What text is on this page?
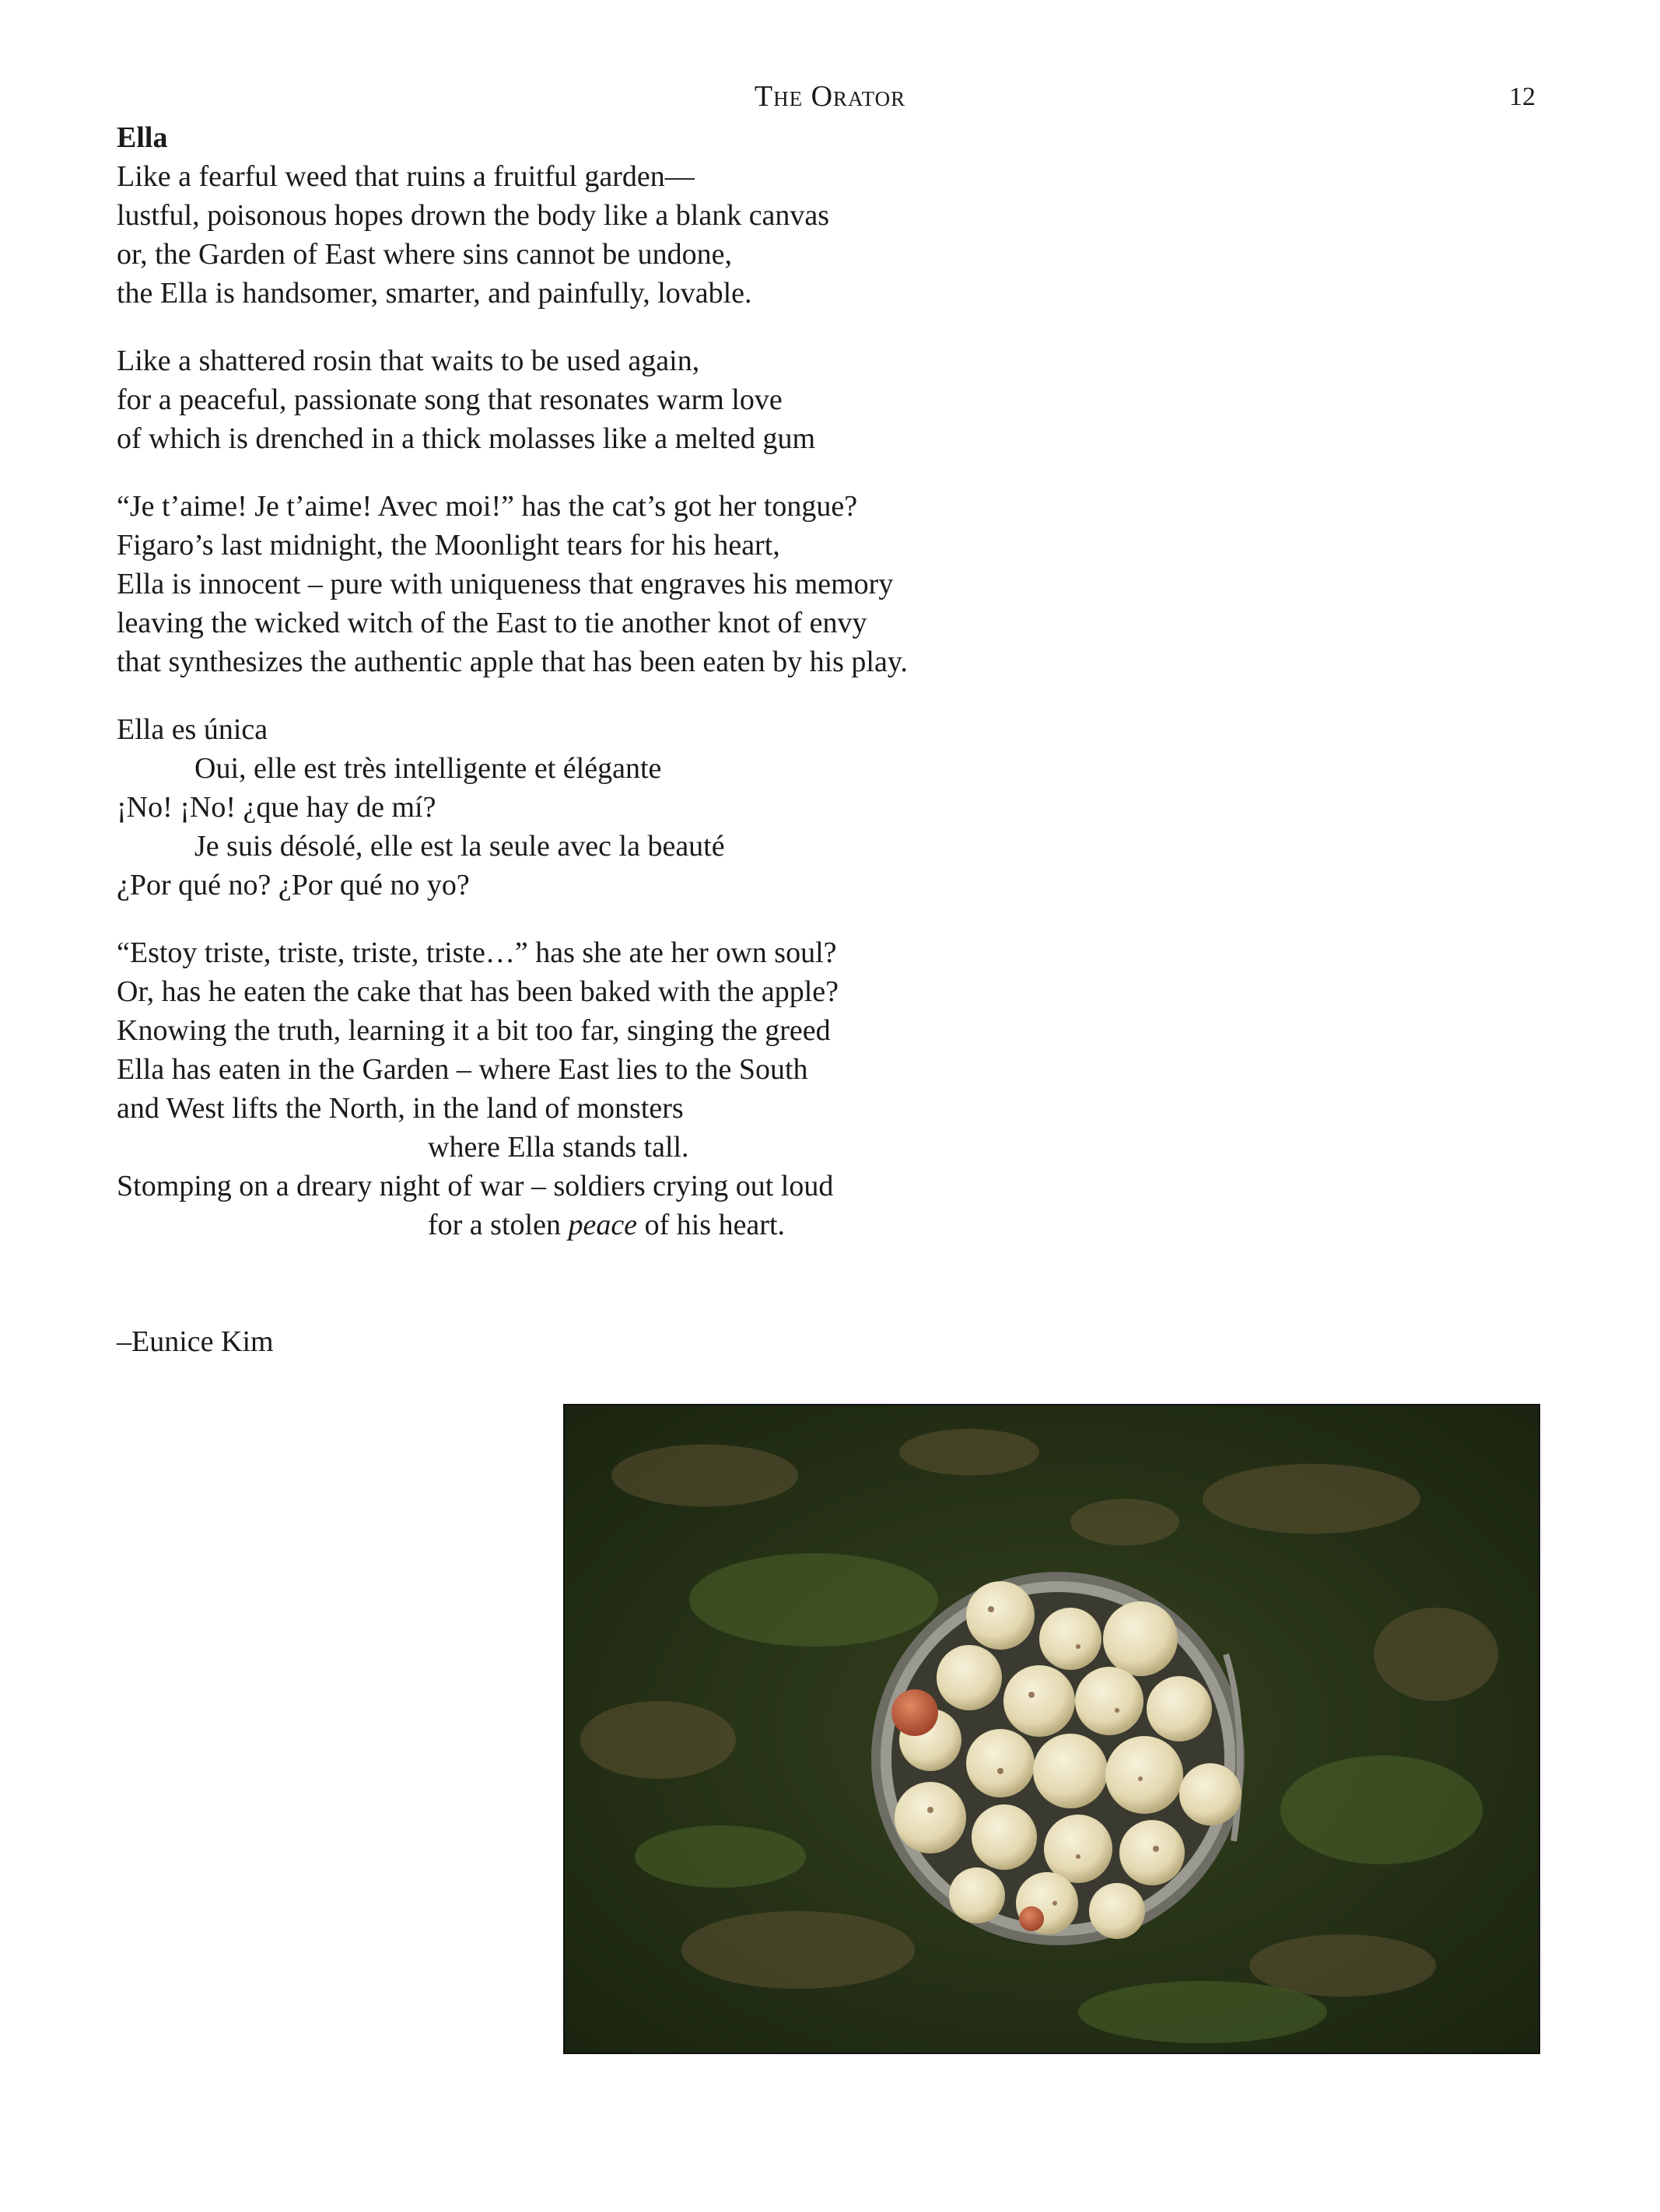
The Orator	12
Ella
Like a fearful weed that ruins a fruitful garden—
lustful, poisonous hopes drown the body like a blank canvas
or, the Garden of East where sins cannot be undone,
the Ella is handsomer, smarter, and painfully, lovable.
Like a shattered rosin that waits to be used again,
for a peaceful, passionate song that resonates warm love
of which is drenched in a thick molasses like a melted gum
“Je t’aime! Je t’aime! Avec moi!” has the cat’s got her tongue?
Figaro’s last midnight, the Moonlight tears for his heart,
Ella is innocent – pure with uniqueness that engraves his memory
leaving the wicked witch of the East to tie another knot of envy
that synthesizes the authentic apple that has been eaten by his play.
Ella es única
Oui, elle est très intelligente et élégante
¡No! ¡No! ¿que hay de mí?
Je suis désolé, elle est la seule avec la beauté
¿Por qué no? ¿Por qué no yo?
“Estoy triste, triste, triste, triste…” has she ate her own soul?
Or, has he eaten the cake that has been baked with the apple?
Knowing the truth, learning it a bit too far, singing the greed
Ella has eaten in the Garden – where East lies to the South
and West lifts the North, in the land of monsters
where Ella stands tall.
Stomping on a dreary night of war – soldiers crying out loud
for a stolen peace of his heart.
–Eunice Kim
